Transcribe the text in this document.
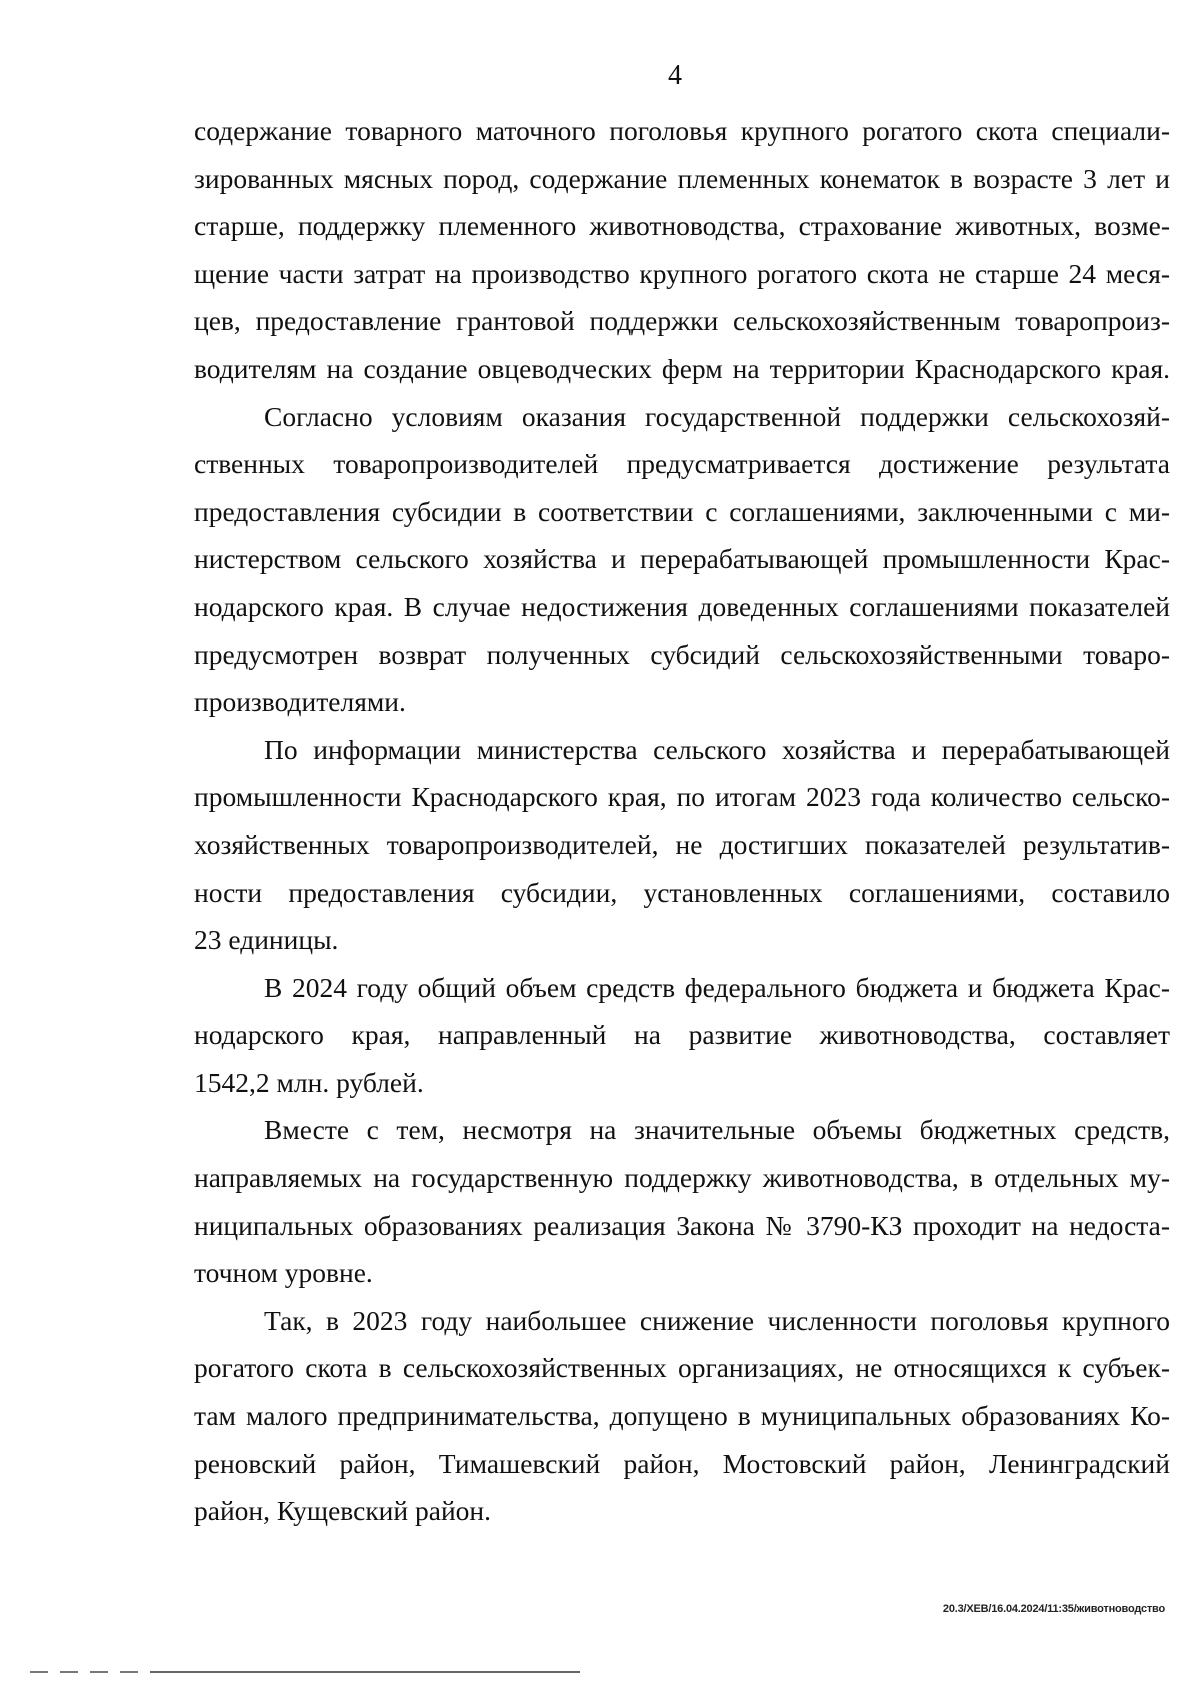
4
содержание товарного маточного поголовья крупного рогатого скота специали-
зированных мясных пород, содержание племенных конематок в возрасте 3 лет и
старше, поддержку племенного животноводства, страхование животных, возме-
щение части затрат на производство крупного рогатого скота не старше 24 меся-
цев, предоставление грантовой поддержки сельскохозяйственным товаропроиз-
водителям на создание овцеводческих ферм на территории Краснодарского края.
Согласно условиям оказания государственной поддержки сельскохозяй-
ственных товаропроизводителей предусматривается достижение результата
предоставления субсидии в соответствии с соглашениями, заключенными с ми-
нистерством сельского хозяйства и перерабатывающей промышленности Крас-
нодарского края. В случае недостижения доведенных соглашениями показателей
предусмотрен возврат полученных субсидий сельскохозяйственными товаро-
производителями.
По информации министерства сельского хозяйства и перерабатывающей
промышленности Краснодарского края, по итогам 2023 года количество сельско-
хозяйственных товаропроизводителей, не достигших показателей результатив-
ности предоставления субсидии, установленных соглашениями, составило
23 единицы.
В 2024 году общий объем средств федерального бюджета и бюджета Крас-
нодарского края, направленный на развитие животноводства, составляет
1542,2 млн. рублей.
Вместе с тем, несмотря на значительные объемы бюджетных средств,
направляемых на государственную поддержку животноводства, в отдельных му-
ниципальных образованиях реализация Закона № 3790-КЗ проходит на недоста-
точном уровне.
Так, в 2023 году наибольшее снижение численности поголовья крупного
рогатого скота в сельскохозяйственных организациях, не относящихся к субъек-
там малого предпринимательства, допущено в муниципальных образованиях Ко-
реновский район, Тимашевский район, Мостовский район, Ленинградский
район, Кущевский район.
20.3/ХЕВ/16.04.2024/11:35/животноводство
